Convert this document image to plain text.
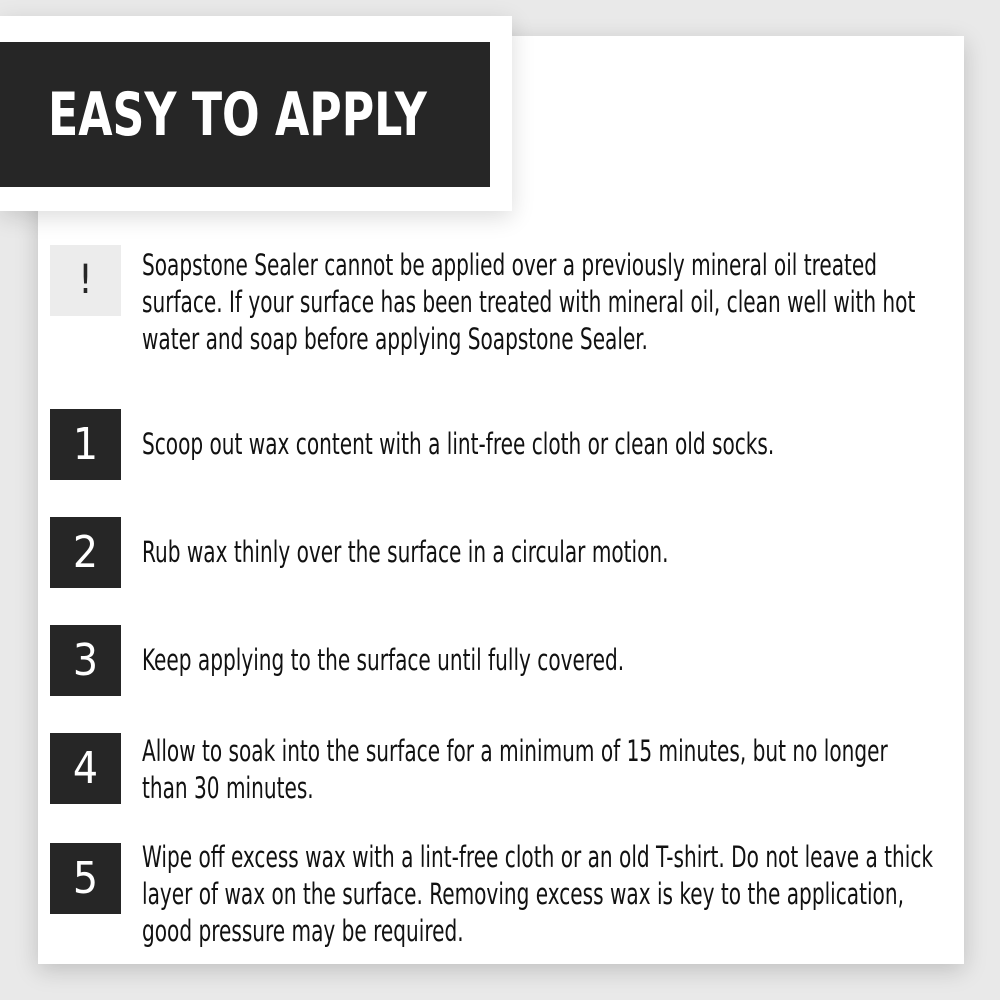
EASY TO APPLY
!	Soapstone Sealer cannot be applied over a previously mineral oil treated surface. If your surface has been treated with mineral oil, clean well with hot water and soap before applying Soapstone Sealer.
1	Scoop out wax content with a lint-free cloth or clean old socks.
2	Rub wax thinly over the surface in a circular motion.
3	Keep applying to the surface until fully covered.
4	Allow to soak into the surface for a minimum of 15 minutes, but no longer than 30 minutes.
5	Wipe off excess wax with a lint-free cloth or an old T-shirt. Do not leave a thick layer of wax on the surface. Removing excess wax is key to the application, good pressure may be required.
